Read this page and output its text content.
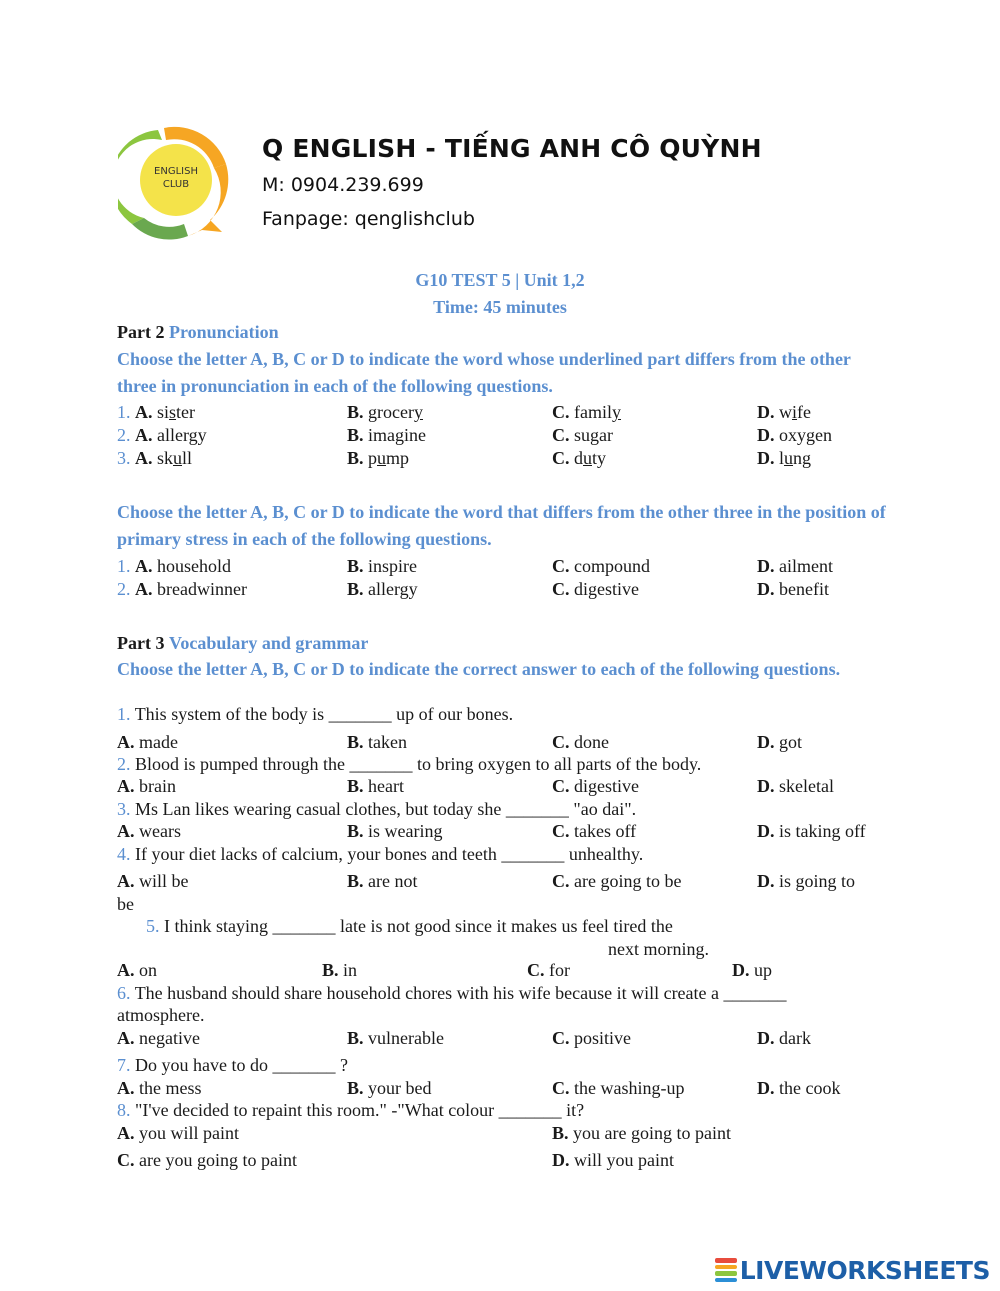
ENGLISH
CLUB
Q ENGLISH - TIẾNG ANH CÔ QUỲNH
M: 0904.239.699
Fanpage: qenglishclub
G10 TEST 5 | Unit 1,2
Time: 45 minutes
Part 2 Pronunciation
Choose the letter A, B, C or D to indicate the word whose underlined part differs from the other three in pronunciation in each of the following questions.
1. A. sister	B. grocery	C. family	D. wife
2. A. allergy	B. imagine	C. sugar	D. oxygen
3. A. skull	B. pump	C. duty	D. lung
Choose the letter A, B, C or D to indicate the word that differs from the other three in the position of primary stress in each of the following questions.
1. A. household	B. inspire	C. compound	D. ailment
2. A. breadwinner	B. allergy	C. digestive	D. benefit
Part 3 Vocabulary and grammar
Choose the letter A, B, C or D to indicate the correct answer to each of the following questions.
1. This system of the body is _______ up of our bones.
A. made	B. taken	C. done	D. got
2. Blood is pumped through the _______ to bring oxygen to all parts of the body.
A. brain	B. heart	C. digestive	D. skeletal
3. Ms Lan likes wearing casual clothes, but today she _______ "ao dai".
A. wears	B. is wearing	C. takes off	D. is taking off
4. If your diet lacks of calcium, your bones and teeth _______ unhealthy.
A. will be	B. are not	C. are going to be	D. is going to
be
5. I think staying _______ late is not good since it makes us feel tired the
next morning.
A. on	B. in	C. for	D. up
6. The husband should share household chores with his wife because it will create a _______
atmosphere.
A. negative	B. vulnerable	C. positive	D. dark
7. Do you have to do _______ ?
A. the mess	B. your bed	C. the washing-up	D. the cook
8. "I've decided to repaint this room." -"What colour _______ it?
A. you will paint	B. you are going to paint
C. are you going to paint	D. will you paint
LIVEWORKSHEETS
